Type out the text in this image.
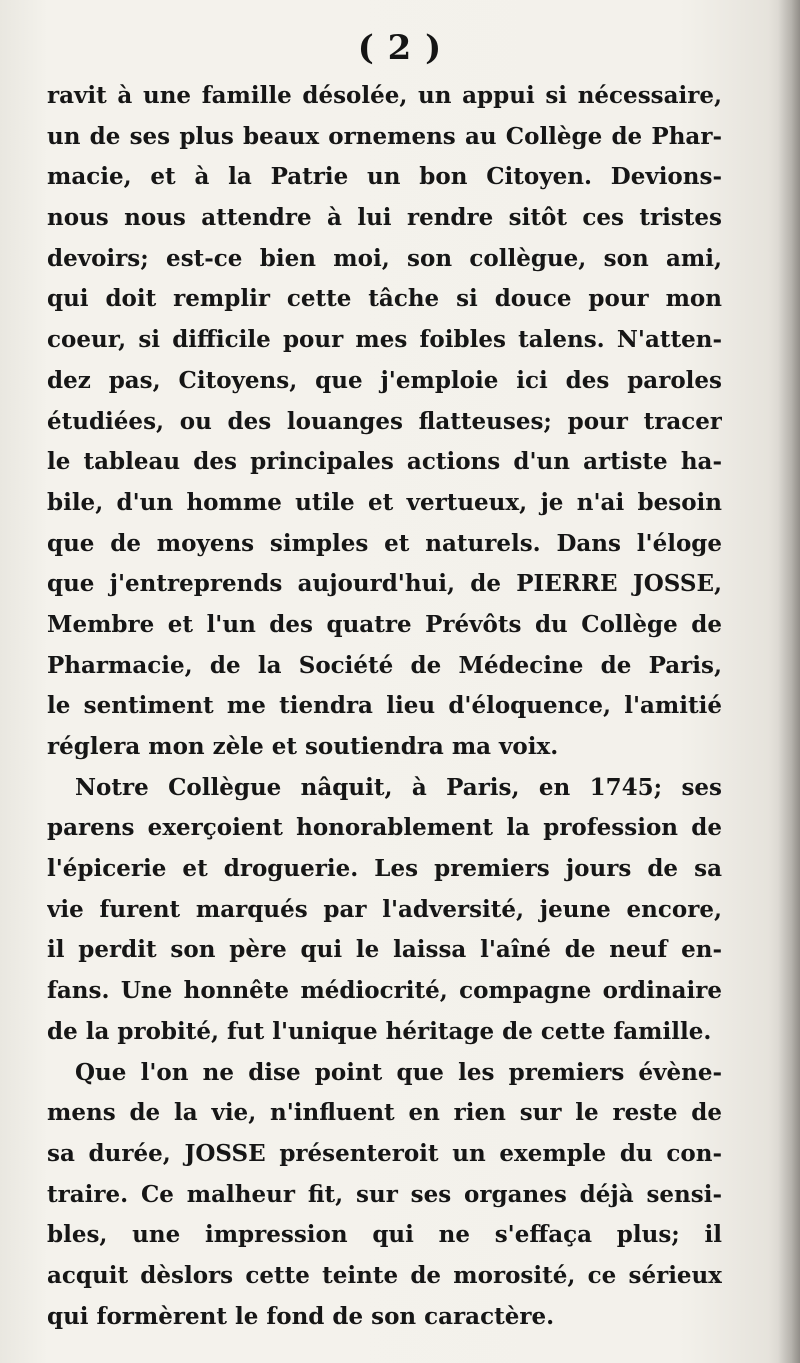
( 2 )
ravit à une famille désolée, un appui si nécessaire,
un de ses plus beaux ornemens au Collège de Phar-
macie, et à la Patrie un bon Citoyen. Devions-
nous nous attendre à lui rendre sitôt ces tristes
devoirs; est-ce bien moi, son collègue, son ami,
qui doit remplir cette tâche si douce pour mon
coeur, si difficile pour mes foibles talens. N'atten-
dez pas, Citoyens, que j'emploie ici des paroles
étudiées, ou des louanges flatteuses; pour tracer
le tableau des principales actions d'un artiste ha-
bile, d'un homme utile et vertueux, je n'ai besoin
que de moyens simples et naturels. Dans l'éloge
que j'entreprends aujourd'hui, de PIERRE JOSSE,
Membre et l'un des quatre Prévôts du Collège de
Pharmacie, de la Société de Médecine de Paris,
le sentiment me tiendra lieu d'éloquence, l'amitié
réglera mon zèle et soutiendra ma voix.
Notre Collègue nâquit, à Paris, en 1745; ses
parens exerçoient honorablement la profession de
l'épicerie et droguerie. Les premiers jours de sa
vie furent marqués par l'adversité, jeune encore,
il perdit son père qui le laissa l'aîné de neuf en-
fans. Une honnête médiocrité, compagne ordinaire
de la probité, fut l'unique héritage de cette famille.
Que l'on ne dise point que les premiers évène-
mens de la vie, n'influent en rien sur le reste de
sa durée, JOSSE présenteroit un exemple du con-
traire. Ce malheur fit, sur ses organes déjà sensi-
bles, une impression qui ne s'effaça plus; il
acquit dèslors cette teinte de morosité, ce sérieux
qui formèrent le fond de son caractère.
